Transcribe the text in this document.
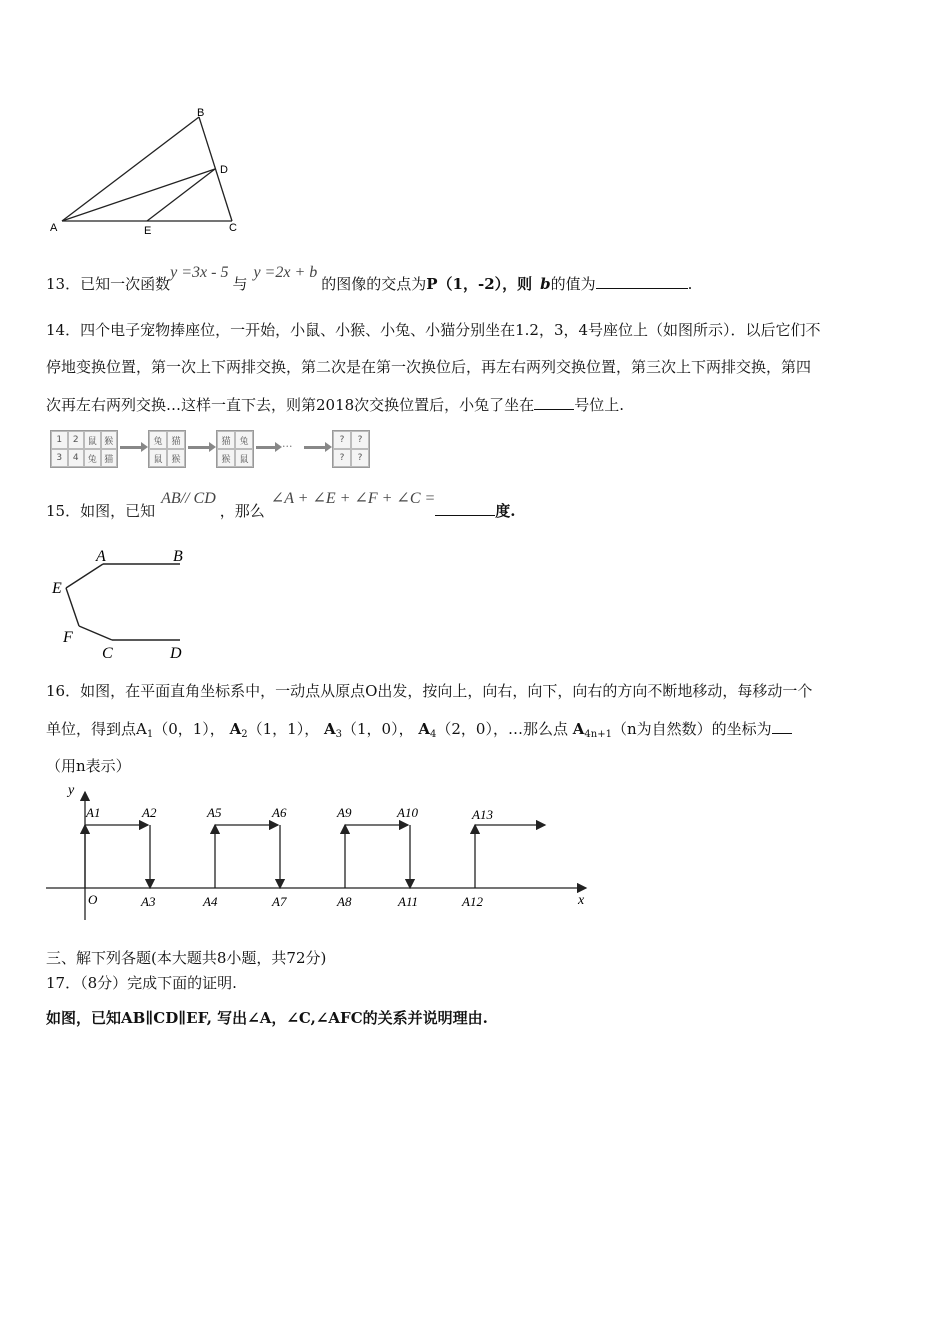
A
B
C
D
E
13．已知一次函数y =3x - 5与y =2x + b的图像的交点为P（1，-2），则 b的值为	.
14．四个电子宠物捧座位，一开始，小鼠、小猴、小兔、小猫分别坐在1.2，3，4号座位上（如图所示）．以后它们不
停地变换位置，第一次上下两排交换，第二次是在第一次换位后，再左右两列交换位置，第三次上下两排交换，第四
次再左右两列交换…这样一直下去，则第2018次交换位置后，小兔了坐在	号位上.
1	2
3	4
鼠 猴
兔 猫
兔 猫
鼠 猴
猫 兔
猴 鼠
···	?	?
?	?
15．如图，已知AB// CD，那么∠A + ∠E + ∠F + ∠C =度.
A	B
E
F
C	D
16．如图，在平面直角坐标系中，一动点从原点O出发，按向上，向右，向下，向右的方向不断地移动，每移动一个
单位，得到点$A_1(0$，1）， $A_2(1$，1）， $A_3(1$，0）， $A_4(2$，0），…那么点 $A_{4n+1}(n$为自然数）的坐标为
（用n表示）
y
x
O
A1	A2	A5	A6	A9	A10	A13
A3	A4	A7	A8	A11	A12
三、解下列各题(本大题共8小题，共72分)
17．（8分）完成下面的证明.
如图，已知AB∥CD∥EF, 写出∠A，∠C,∠AFC的关系并说明理由.
